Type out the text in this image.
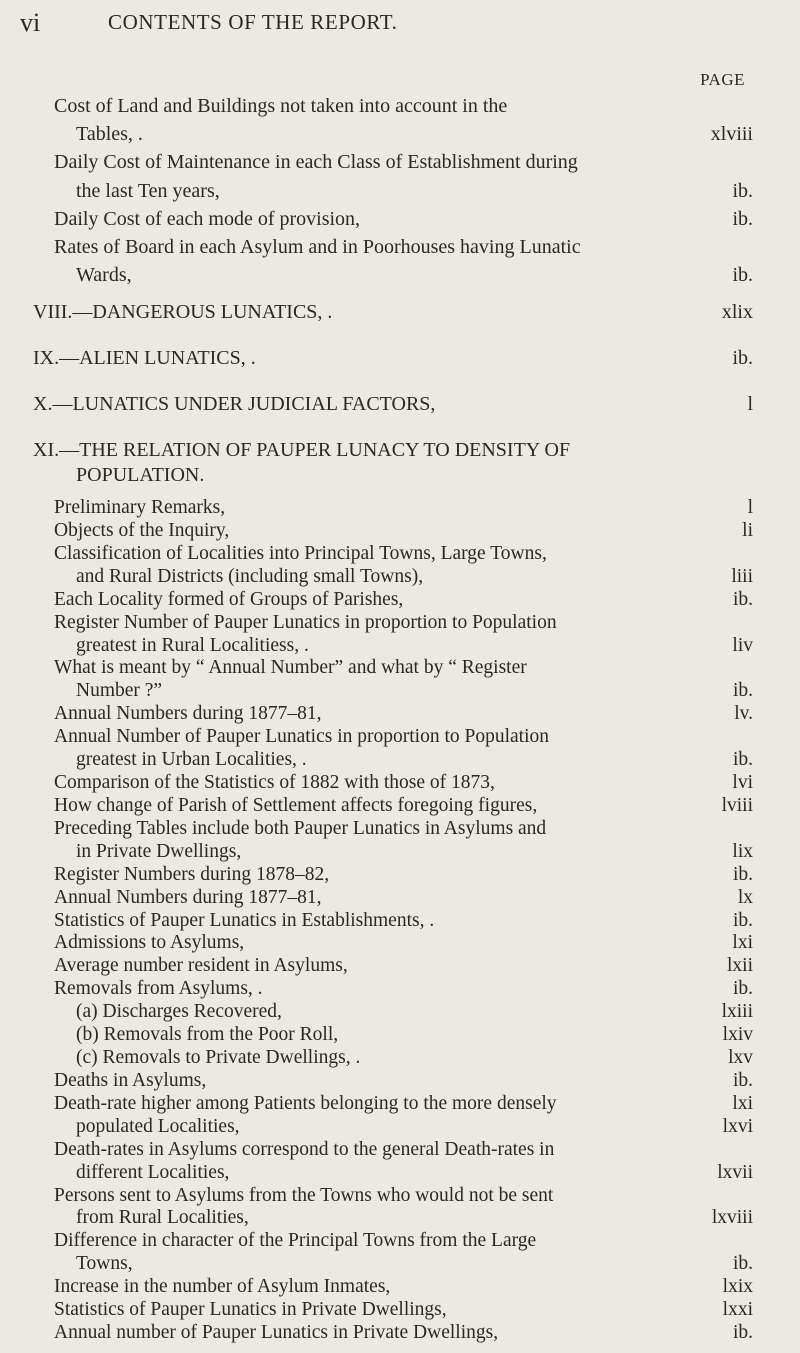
vi	CONTENTS OF THE REPORT.
PAGE
Cost of Land and Buildings not taken into account in the
Tables, .	xlviii
Daily Cost of Maintenance in each Class of Establishment during
the last Ten years,	ib.
Daily Cost of each mode of provision,	ib.
Rates of Board in each Asylum and in Poorhouses having Lunatic
Wards,	ib.
VIII.—DANGEROUS LUNATICS, .	xlix
IX.—ALIEN LUNATICS, .	ib.
X.—LUNATICS UNDER JUDICIAL FACTORS,	l
XI.—THE RELATION OF PAUPER LUNACY TO DENSITY OF
POPULATION.
Preliminary Remarks,	l
Objects of the Inquiry,	li
Classification of Localities into Principal Towns, Large Towns,
and Rural Districts (including small Towns),	liii
Each Locality formed of Groups of Parishes,	ib.
Register Number of Pauper Lunatics in proportion to Population
greatest in Rural Localitiess, .	liv
What is meant by “ Annual Number” and what by “ Register
Number ?”	ib.
Annual Numbers during 1877–81,	lv.
Annual Number of Pauper Lunatics in proportion to Population
greatest in Urban Localities, .	ib.
Comparison of the Statistics of 1882 with those of 1873,	lvi
How change of Parish of Settlement affects foregoing figures,	lviii
Preceding Tables include both Pauper Lunatics in Asylums and
in Private Dwellings,	lix
Register Numbers during 1878–82,	ib.
Annual Numbers during 1877–81,	lx
Statistics of Pauper Lunatics in Establishments, .	ib.
Admissions to Asylums,	lxi
Average number resident in Asylums,	lxii
Removals from Asylums, .	ib.
(a) Discharges Recovered,	lxiii
(b) Removals from the Poor Roll,	lxiv
(c) Removals to Private Dwellings, .	lxv
Deaths in Asylums,	ib.
Death-rate higher among Patients belonging to the more densely	lxi
populated Localities,	lxvi
Death-rates in Asylums correspond to the general Death-rates in
different Localities,	lxvii
Persons sent to Asylums from the Towns who would not be sent
from Rural Localities,	lxviii
Difference in character of the Principal Towns from the Large
Towns,	ib.
Increase in the number of Asylum Inmates,	lxix
Statistics of Pauper Lunatics in Private Dwellings,	lxxi
Annual number of Pauper Lunatics in Private Dwellings,	ib.
